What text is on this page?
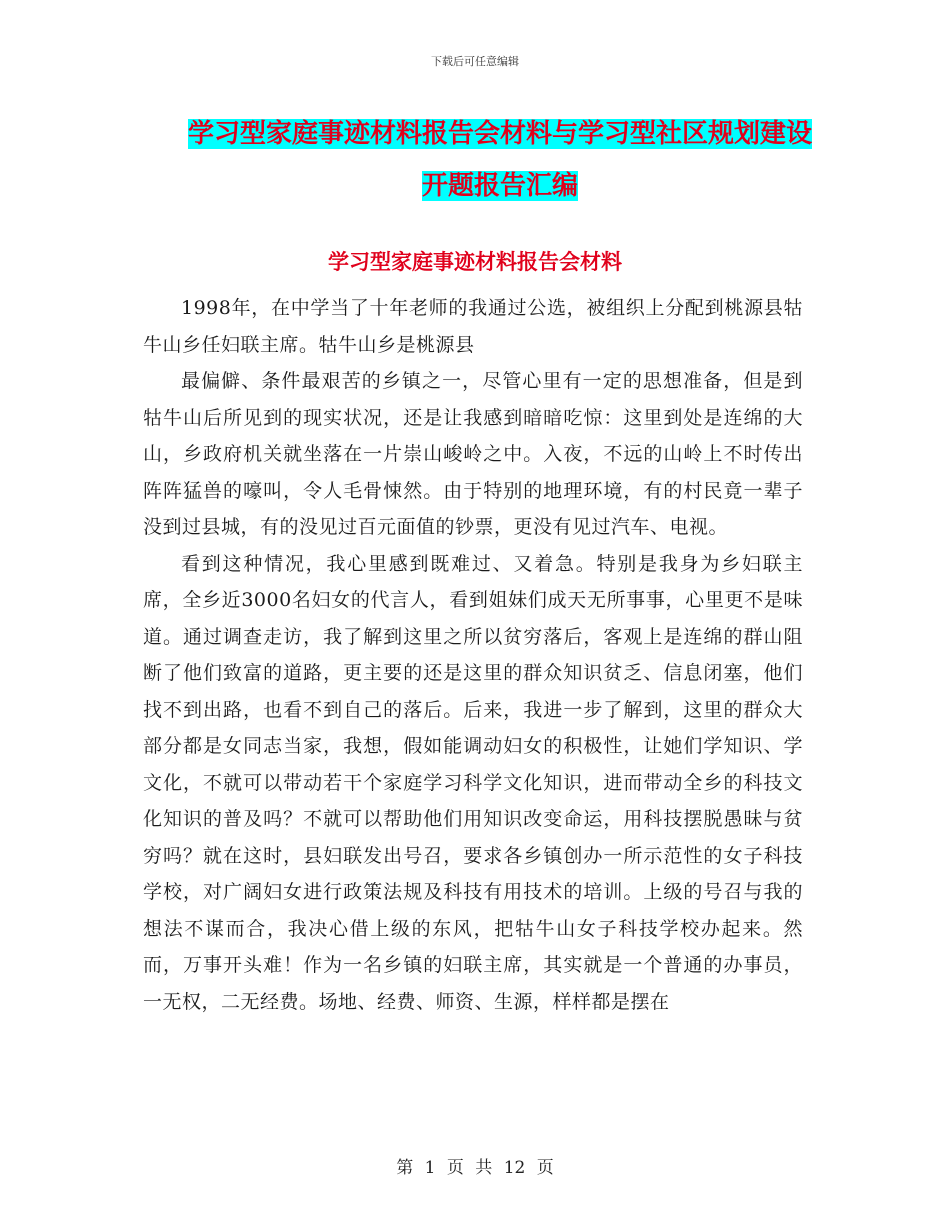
下载后可任意编辑
学习型家庭事迹材料报告会材料与学习型社区规划建设开题报告汇编
学习型家庭事迹材料报告会材料

1998年，在中学当了十年老师的我通过公选，被组织上分配到桃源县牯牛山乡任妇联主席。牯牛山乡是桃源县

最偏僻、条件最艰苦的乡镇之一，尽管心里有一定的思想准备，但是到牯牛山后所见到的现实状况，还是让我感到暗暗吃惊：这里到处是连绵的大山，乡政府机关就坐落在一片崇山峻岭之中。入夜，不远的山岭上不时传出阵阵猛兽的嚎叫，令人毛骨悚然。由于特别的地理环境，有的村民竟一辈子没到过县城，有的没见过百元面值的钞票，更没有见过汽车、电视。

看到这种情况，我心里感到既难过、又着急。特别是我身为乡妇联主席，全乡近3000名妇女的代言人，看到姐妹们成天无所事事，心里更不是味道。通过调查走访，我了解到这里之所以贫穷落后，客观上是连绵的群山阻断了他们致富的道路，更主要的还是这里的群众知识贫乏、信息闭塞，他们找不到出路，也看不到自己的落后。后来，我进一步了解到，这里的群众大部分都是女同志当家，我想，假如能调动妇女的积极性，让她们学知识、学文化，不就可以带动若干个家庭学习科学文化知识，进而带动全乡的科技文化知识的普及吗？不就可以帮助他们用知识改变命运，用科技摆脱愚昧与贫穷吗？就在这时，县妇联发出号召，要求各乡镇创办一所示范性的女子科技学校，对广阔妇女进行政策法规及科技有用技术的培训。上级的号召与我的想法不谋而合，我决心借上级的东风，把牯牛山女子科技学校办起来。然而，万事开头难！作为一名乡镇的妇联主席，其实就是一个普通的办事员，一无权，二无经费。场地、经费、师资、生源，样样都是摆在

第 1 页 共 12 页
